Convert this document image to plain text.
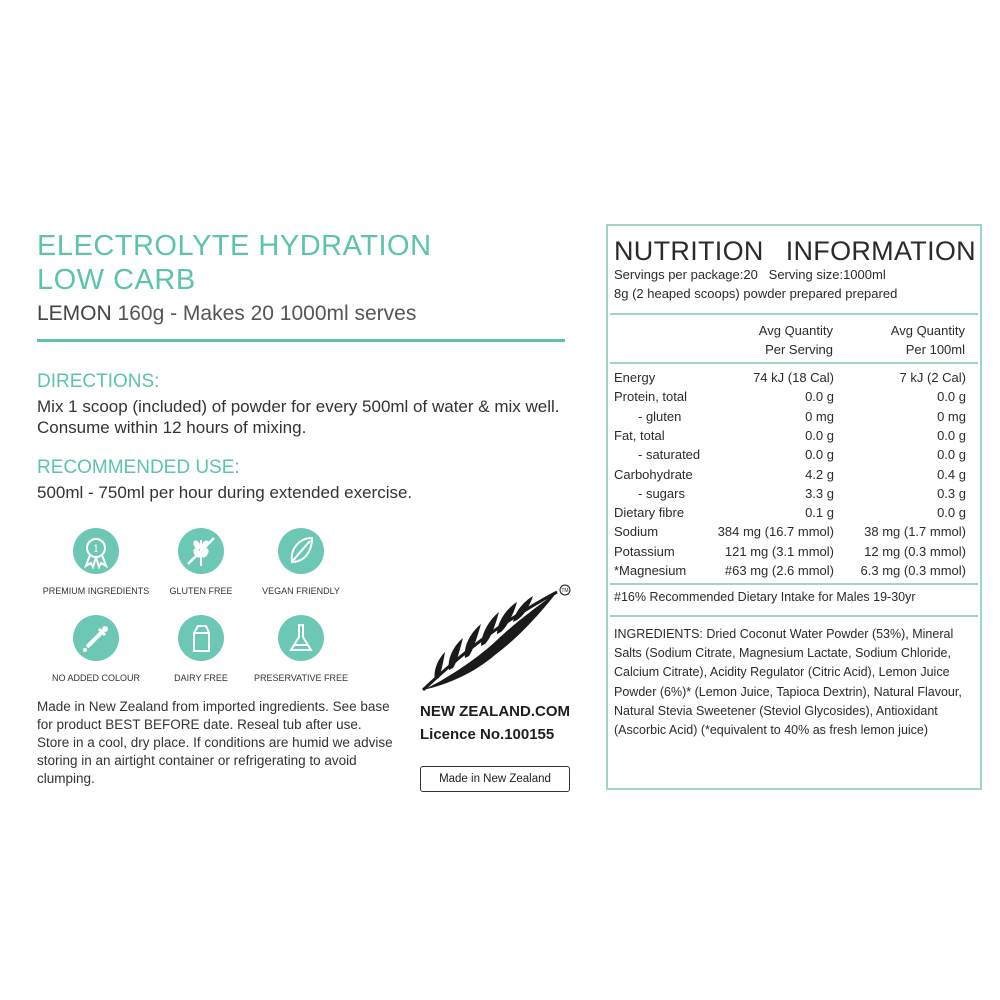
ELECTROLYTE HYDRATION
LOW CARB
LEMON 160g - Makes 20 1000ml serves
DIRECTIONS:
Mix 1 scoop (included) of powder for every 500ml of water & mix well. Consume within 12 hours of mixing.
RECOMMENDED USE:
500ml - 750ml per hour during extended exercise.
1
PREMIUM INGREDIENTS	GLUTEN FREE	VEGAN FRIENDLY
NO ADDED COLOUR	DAIRY FREE	PRESERVATIVE FREE
Made in New Zealand from imported ingredients. See base for product BEST BEFORE date. Reseal tub after use. Store in a cool, dry place. If conditions are humid we advise storing in an airtight container or refrigerating to avoid clumping.
TM
NEW ZEALAND.COM
Licence No.100155
Made in New Zealand
NUTRITION INFORMATION
Servings per package:20 Serving size:1000ml
8g (2 heaped scoops) powder prepared prepared
Avg Quantity
Per Serving
Avg Quantity
Per 100ml
Energy	74 kJ (18 Cal)	7 kJ (2 Cal)
Protein, total	0.0 g	0.0 g
- gluten	0 mg	0 mg
Fat, total	0.0 g	0.0 g
- saturated	0.0 g	0.0 g
Carbohydrate	4.2 g	0.4 g
- sugars	3.3 g	0.3 g
Dietary fibre	0.1 g	0.0 g
Sodium	384 mg (16.7 mmol) 38 mg (1.7 mmol)
Potassium	121 mg (3.1 mmol) 12 mg (0.3 mmol)
*Magnesium	#63 mg (2.6 mmol) 6.3 mg (0.3 mmol)
#16% Recommended Dietary Intake for Males 19-30yr
INGREDIENTS: Dried Coconut Water Powder (53%), Mineral Salts (Sodium Citrate, Magnesium Lactate, Sodium Chloride, Calcium Citrate), Acidity Regulator (Citric Acid), Lemon Juice Powder (6%)* (Lemon Juice, Tapioca Dextrin), Natural Flavour, Natural Stevia Sweetener (Steviol Glycosides), Antioxidant (Ascorbic Acid) (*equivalent to 40% as fresh lemon juice)
